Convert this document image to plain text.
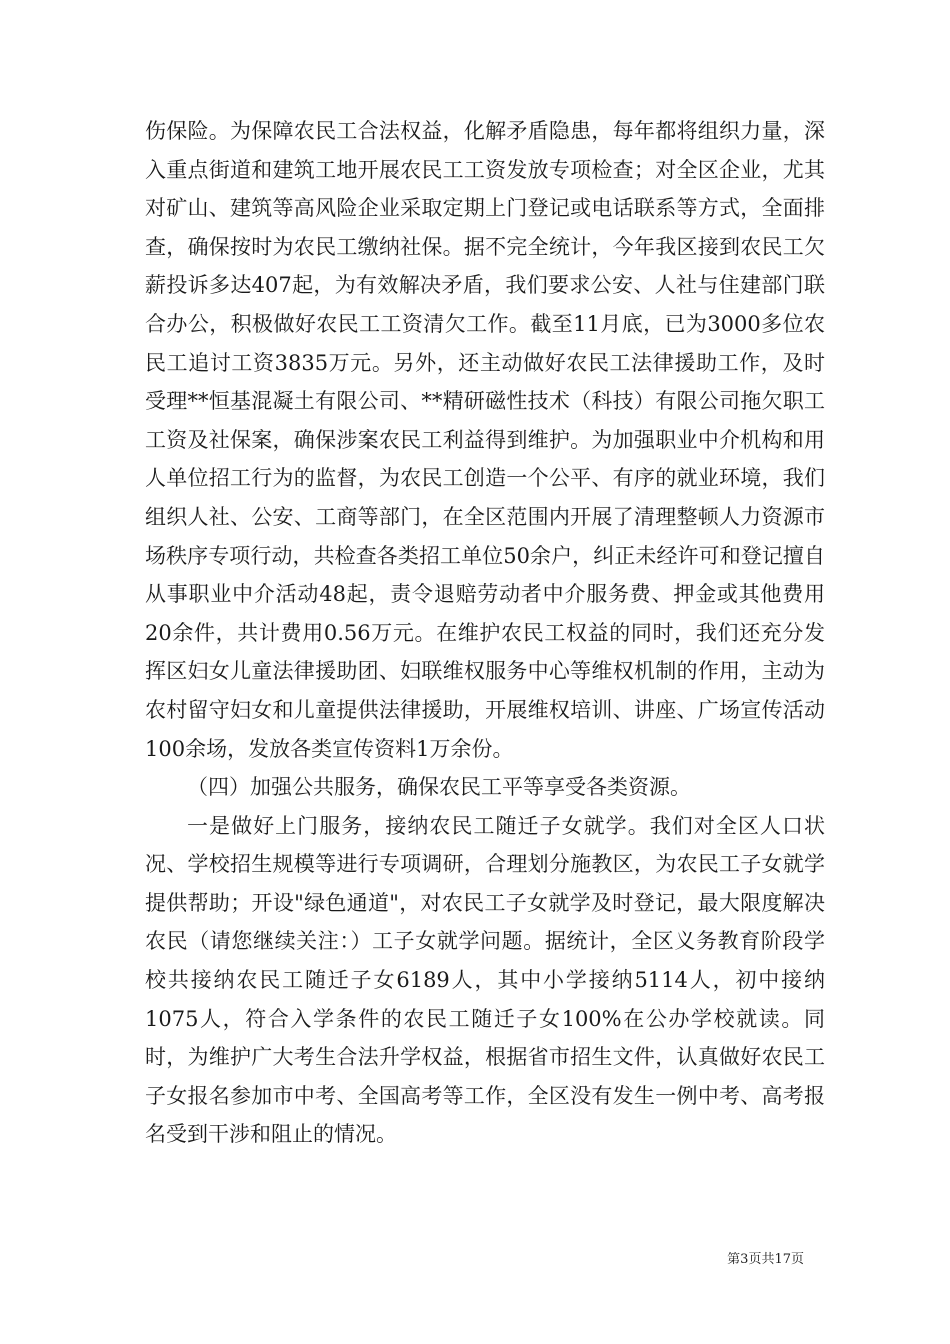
伤保险。为保障农民工合法权益，化解矛盾隐患，每年都将组织力量，深入重点街道和建筑工地开展农民工工资发放专项检查；对全区企业，尤其对矿山、建筑等高风险企业采取定期上门登记或电话联系等方式，全面排查，确保按时为农民工缴纳社保。据不完全统计，今年我区接到农民工欠薪投诉多达407起，为有效解决矛盾，我们要求公安、人社与住建部门联合办公，积极做好农民工工资清欠工作。截至11月底，已为3000多位农民工追讨工资3835万元。另外，还主动做好农民工法律援助工作，及时受理**恒基混凝土有限公司、**精研磁性技术（科技）有限公司拖欠职工工资及社保案，确保涉案农民工利益得到维护。为加强职业中介机构和用人单位招工行为的监督，为农民工创造一个公平、有序的就业环境，我们组织人社、公安、工商等部门，在全区范围内开展了清理整顿人力资源市场秩序专项行动，共检查各类招工单位50余户，纠正未经许可和登记擅自从事职业中介活动48起，责令退赔劳动者中介服务费、押金或其他费用20余件，共计费用0.56万元。在维护农民工权益的同时，我们还充分发挥区妇女儿童法律援助团、妇联维权服务中心等维权机制的作用，主动为农村留守妇女和儿童提供法律援助，开展维权培训、讲座、广场宣传活动100余场，发放各类宣传资料1万余份。

（四）加强公共服务，确保农民工平等享受各类资源。

一是做好上门服务，接纳农民工随迁子女就学。我们对全区人口状况、学校招生规模等进行专项调研，合理划分施教区，为农民工子女就学提供帮助；开设"绿色通道"，对农民工子女就学及时登记，最大限度解决农民（请您继续关注：）工子女就学问题。据统计，全区义务教育阶段学校共接纳农民工随迁子女6189人，其中小学接纳5114人，初中接纳1075人，符合入学条件的农民工随迁子女100%在公办学校就读。同时，为维护广大考生合法升学权益，根据省市招生文件，认真做好农民工子女报名参加市中考、全国高考等工作，全区没有发生一例中考、高考报名受到干涉和阻止的情况。

第3页共17页
